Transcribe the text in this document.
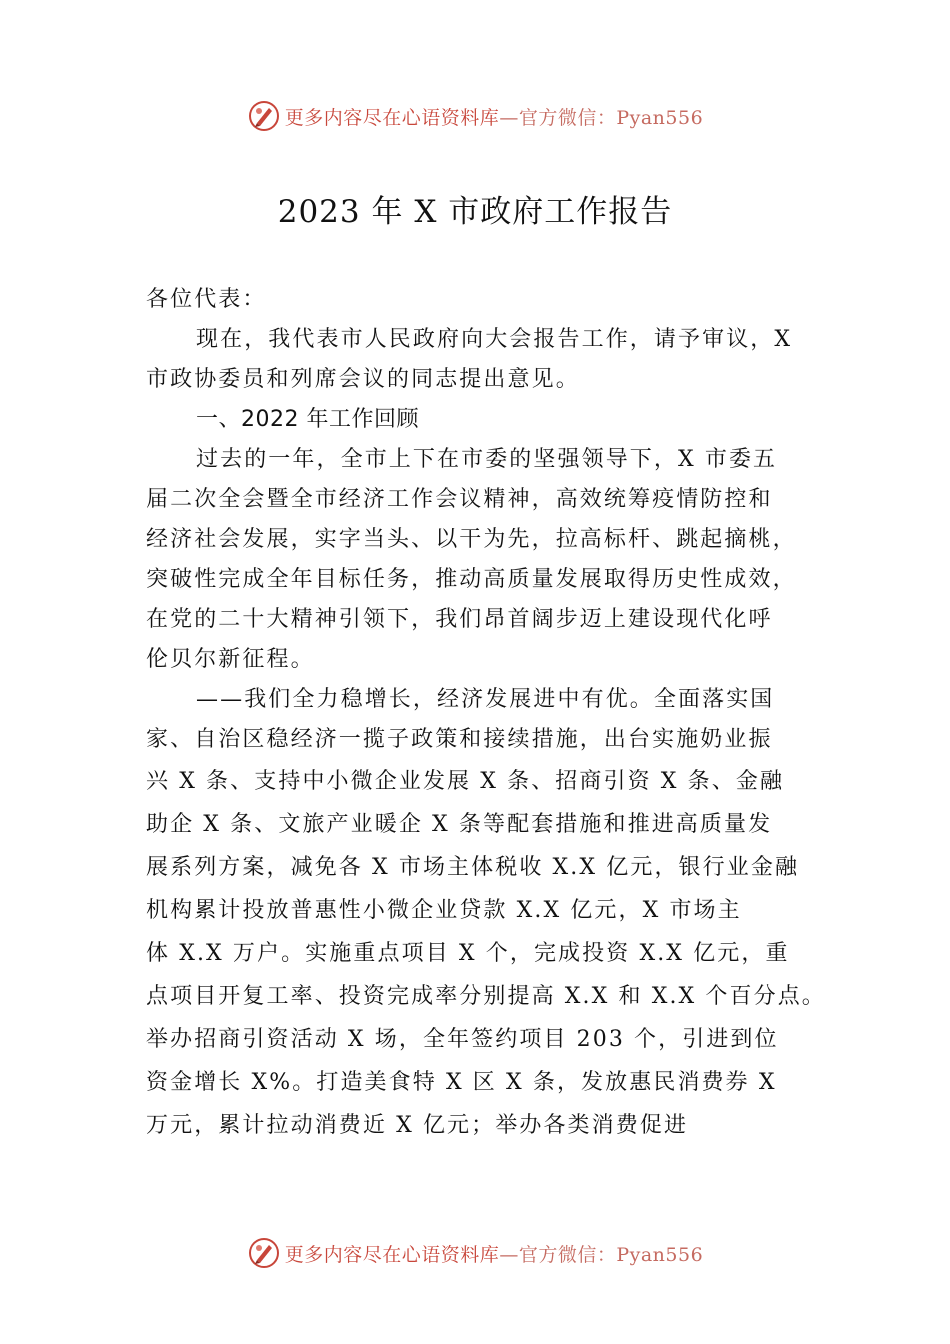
更多内容尽在心语资料库—官方微信：Pyan556
2023 年 X 市政府工作报告
各位代表：
现在，我代表市人民政府向大会报告工作，请予审议，X
市政协委员和列席会议的同志提出意见。
一、2022 年工作回顾
过去的一年，全市上下在市委的坚强领导下，X 市委五
届二次全会暨全市经济工作会议精神，高效统筹疫情防控和
经济社会发展，实字当头、以干为先，拉高标杆、跳起摘桃，
突破性完成全年目标任务，推动高质量发展取得历史性成效，
在党的二十大精神引领下，我们昂首阔步迈上建设现代化呼
伦贝尔新征程。
——我们全力稳增长，经济发展进中有优。全面落实国
家、自治区稳经济一揽子政策和接续措施，出台实施奶业振
兴 X 条、支持中小微企业发展 X 条、招商引资 X 条、金融
助企 X 条、文旅产业暖企 X 条等配套措施和推进高质量发
展系列方案，减免各 X 市场主体税收 X.X 亿元，银行业金融
机构累计投放普惠性小微企业贷款 X.X 亿元，X 市场主
体 X.X 万户。实施重点项目 X 个，完成投资 X.X 亿元，重
点项目开复工率、投资完成率分别提高 X.X 和 X.X 个百分点。
举办招商引资活动 X 场，全年签约项目 203 个，引进到位
资金增长 X%。打造美食特 X 区 X 条，发放惠民消费券 X
万元，累计拉动消费近 X 亿元；举办各类消费促进
更多内容尽在心语资料库—官方微信：Pyan556
